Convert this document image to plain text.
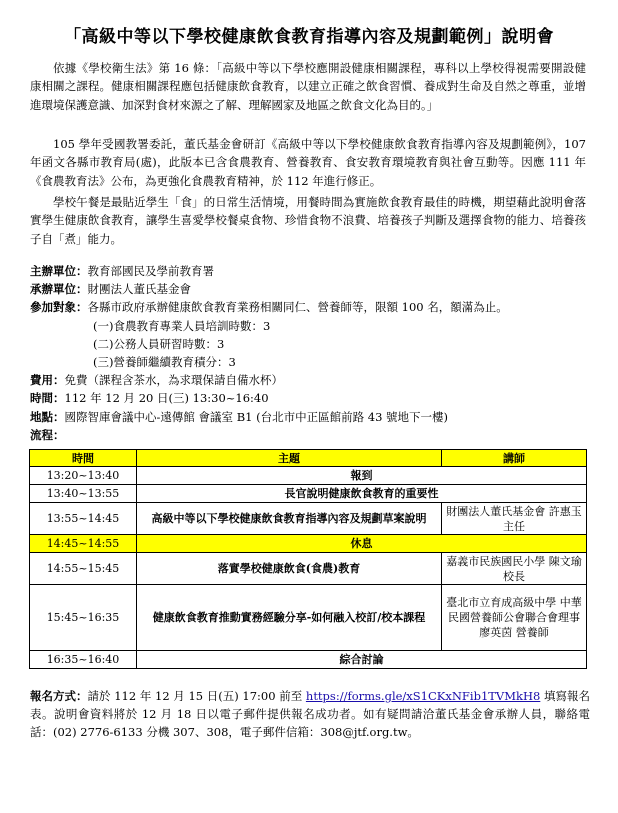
「高級中等以下學校健康飲食教育指導內容及規劃範例」說明會

依據《學校衛生法》第 16 條：「高級中等以下學校應開設健康相關課程，專科以上學校得視需要開設健康相關之課程。健康相關課程應包括健康飲食教育，以建立正確之飲食習慣、養成對生命及自然之尊重，並增進環境保護意識、加深對食材來源之了解、理解國家及地區之飲食文化為目的。」

105 學年受國教署委託，董氏基金會研訂《高級中等以下學校健康飲食教育指導內容及規劃範例》，107 年函文各縣市教育局(處)，此版本已含食農教育、營養教育、食安教育環境教育與社會互動等。因應 111 年《食農教育法》公布，為更強化食農教育精神，於 112 年進行修正。

學校午餐是最貼近學生「食」的日常生活情境，用餐時間為實施飲食教育最佳的時機，期望藉此說明會落實學生健康飲食教育，讓學生喜愛學校餐桌食物、珍惜食物不浪費、培養孩子判斷及選擇食物的能力、培養孩子自「煮」能力。

主辦單位：教育部國民及學前教育署
承辦單位：財團法人董氏基金會
參加對象：各縣市政府承辦健康飲食教育業務相關同仁、營養師等，限額 100 名，額滿為止。
(一)食農教育專業人員培訓時數：3
(二)公務人員研習時數：3
(三)營養師繼續教育積分：3
費用：免費（課程含茶水，為求環保請自備水杯）
時間：112 年 12 月 20 日(三) 13:30~16:40
地點：國際智庫會議中心-遠傳館 會議室 B1 (台北市中正區館前路 43 號地下一樓)
流程：
時間	主題	講師
13:20~13:40	報到	
13:40~13:55	長官說明健康飲食教育的重要性	
13:55~14:45	高級中等以下學校健康飲食教育指導內容及規劃草案說明	財團法人董氏基金會 許惠玉 主任
14:45~14:55	休息	
14:55~15:45	落實學校健康飲食(食農)教育	嘉義市民族國民小學 陳文瑜 校長
15:45~16:35	健康飲食教育推動實務經驗分享-如何融入校訂/校本課程	臺北市立育成高級中學 中華民國營養師公會聯合會理事 廖英茵 營養師
16:35~16:40	綜合討論	

報名方式：請於 112 年 12 月 15 日(五) 17:00 前至 https://forms.gle/xS1CKxNFib1TVMkH8 填寫報名表。說明會資料將於 12 月 18 日以電子郵件提供報名成功者。如有疑問請洽董氏基金會承辦人員，聯絡電話：(02) 2776-6133 分機 307、308，電子郵件信箱：308@jtf.org.tw。
